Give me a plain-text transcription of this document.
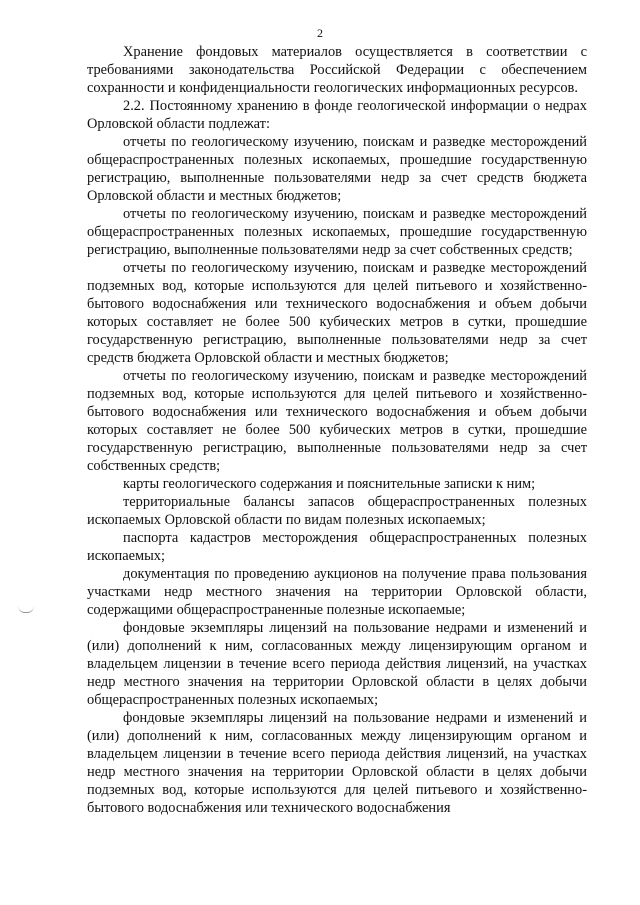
2

Хранение фондовых материалов осуществляется в соответствии с требованиями законодательства Российской Федерации с обеспечением сохранности и конфиденциальности геологических информационных ресурсов.

2.2. Постоянному хранению в фонде геологической информации о недрах Орловской области подлежат:

отчеты по геологическому изучению, поискам и разведке месторождений общераспространенных полезных ископаемых, прошедшие государственную регистрацию, выполненные пользователями недр за счет средств бюджета Орловской области и местных бюджетов;

отчеты по геологическому изучению, поискам и разведке месторождений общераспространенных полезных ископаемых, прошедшие государственную регистрацию, выполненные пользователями недр за счет собственных средств;

отчеты по геологическому изучению, поискам и разведке месторождений подземных вод, которые используются для целей питьевого и хозяйственно-бытового водоснабжения или технического водоснабжения и объем добычи которых составляет не более 500 кубических метров в сутки, прошедшие государственную регистрацию, выполненные пользователями недр за счет средств бюджета Орловской области и местных бюджетов;

отчеты по геологическому изучению, поискам и разведке месторождений подземных вод, которые используются для целей питьевого и хозяйственно-бытового водоснабжения или технического водоснабжения и объем добычи которых составляет не более 500 кубических метров в сутки, прошедшие государственную регистрацию, выполненные пользователями недр за счет собственных средств;

карты геологического содержания и пояснительные записки к ним;

территориальные балансы запасов общераспространенных полезных ископаемых Орловской области по видам полезных ископаемых;

паспорта кадастров месторождения общераспространенных полезных ископаемых;

документация по проведению аукционов на получение права пользования участками недр местного значения на территории Орловской области, содержащими общераспространенные полезные ископаемые;

фондовые экземпляры лицензий на пользование недрами и изменений и (или) дополнений к ним, согласованных между лицензирующим органом и владельцем лицензии в течение всего периода действия лицензий, на участках недр местного значения на территории Орловской области в целях добычи общераспространенных полезных ископаемых;

фондовые экземпляры лицензий на пользование недрами и изменений и (или) дополнений к ним, согласованных между лицензирующим органом и владельцем лицензии в течение всего периода действия лицензий, на участках недр местного значения на территории Орловской области в целях добычи подземных вод, которые используются для целей питьевого и хозяйственно-бытового водоснабжения или технического водоснабжения
